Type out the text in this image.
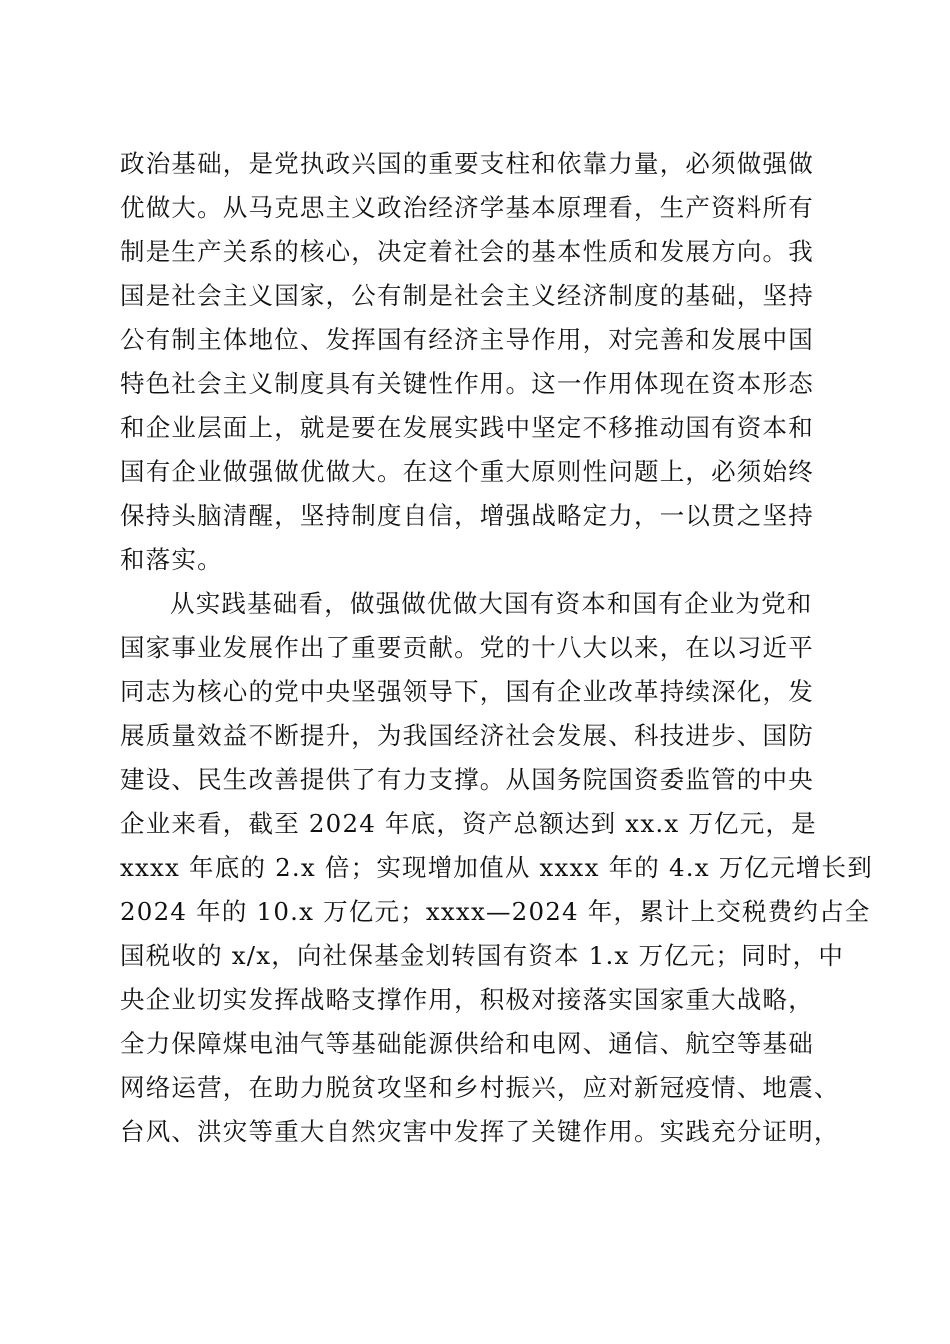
政治基础，是党执政兴国的重要支柱和依靠力量，必须做强做
优做大。从马克思主义政治经济学基本原理看，生产资料所有
制是生产关系的核心，决定着社会的基本性质和发展方向。我
国是社会主义国家，公有制是社会主义经济制度的基础，坚持
公有制主体地位、发挥国有经济主导作用，对完善和发展中国
特色社会主义制度具有关键性作用。这一作用体现在资本形态
和企业层面上，就是要在发展实践中坚定不移推动国有资本和
国有企业做强做优做大。在这个重大原则性问题上，必须始终
保持头脑清醒，坚持制度自信，增强战略定力，一以贯之坚持
和落实。
从实践基础看，做强做优做大国有资本和国有企业为党和
国家事业发展作出了重要贡献。党的十八大以来，在以习近平
同志为核心的党中央坚强领导下，国有企业改革持续深化，发
展质量效益不断提升，为我国经济社会发展、科技进步、国防
建设、民生改善提供了有力支撑。从国务院国资委监管的中央
企业来看，截至 2024 年底，资产总额达到 xx.x 万亿元，是
xxxx 年底的 2.x 倍；实现增加值从 xxxx 年的 4.x 万亿元增长到
2024 年的 10.x 万亿元；xxxx—2024 年，累计上交税费约占全
国税收的 x/x，向社保基金划转国有资本 1.x 万亿元；同时，中
央企业切实发挥战略支撑作用，积极对接落实国家重大战略，
全力保障煤电油气等基础能源供给和电网、通信、航空等基础
网络运营，在助力脱贫攻坚和乡村振兴，应对新冠疫情、地震、
台风、洪灾等重大自然灾害中发挥了关键作用。实践充分证明，
